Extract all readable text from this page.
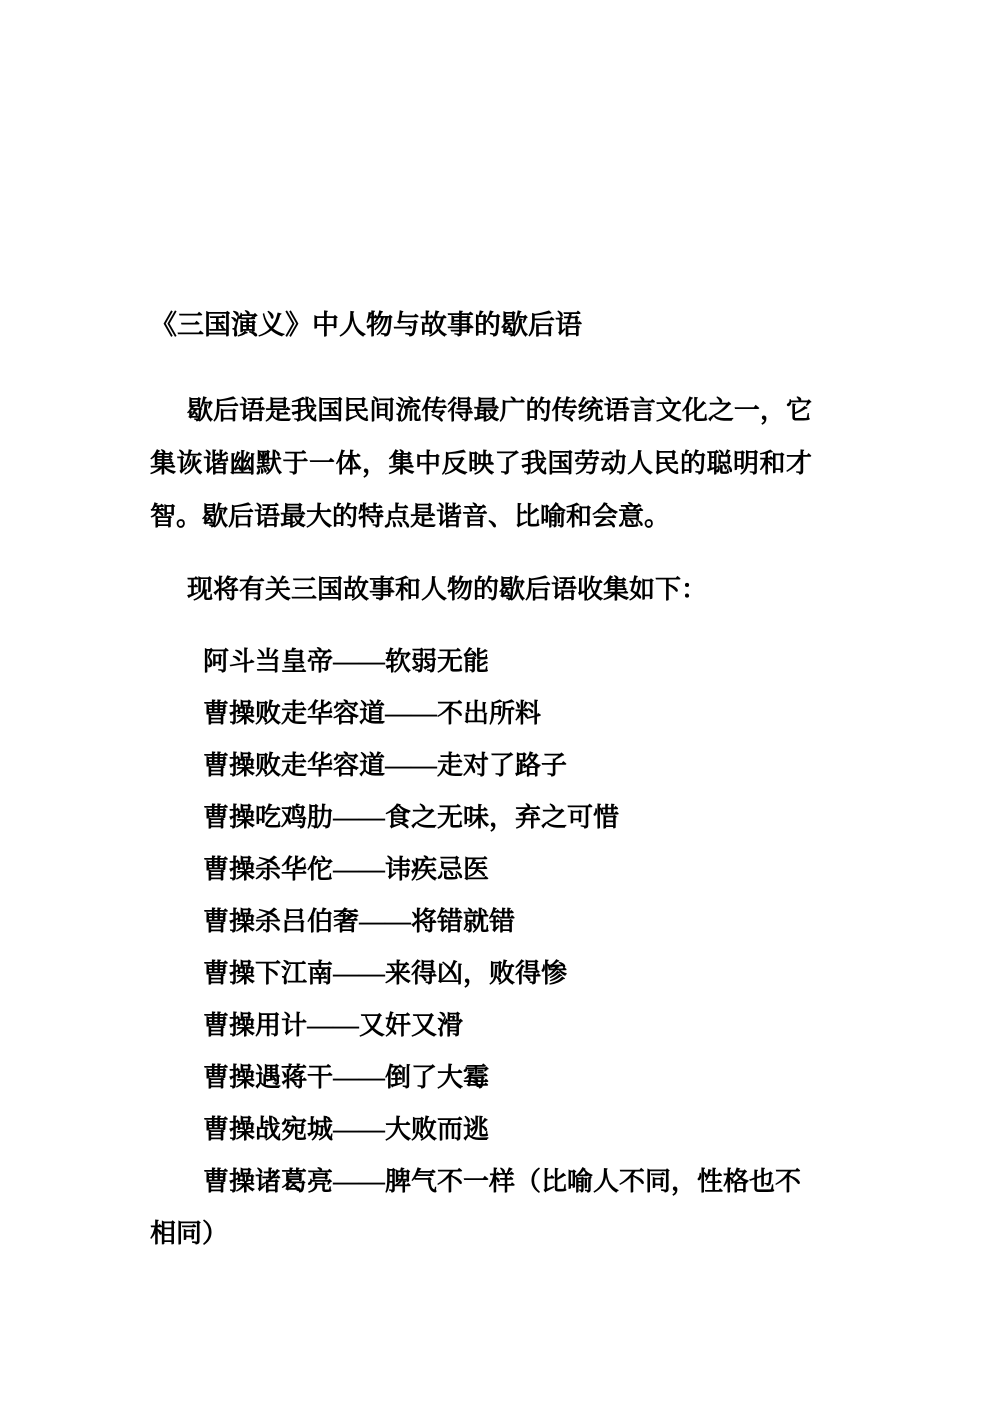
《三国演义》中人物与故事的歇后语
歇后语是我国民间流传得最广的传统语言文化之一，它集诙谐幽默于一体，集中反映了我国劳动人民的聪明和才智。歇后语最大的特点是谐音、比喻和会意。
现将有关三国故事和人物的歇后语收集如下：
阿斗当皇帝——软弱无能
曹操败走华容道——不出所料
曹操败走华容道——走对了路子
曹操吃鸡肋——食之无味，弃之可惜
曹操杀华佗——讳疾忌医
曹操杀吕伯奢——将错就错
曹操下江南——来得凶，败得惨
曹操用计——又奸又滑
曹操遇蒋干——倒了大霉
曹操战宛城——大败而逃
曹操诸葛亮——脾气不一样（比喻人不同，性格也不相同）
